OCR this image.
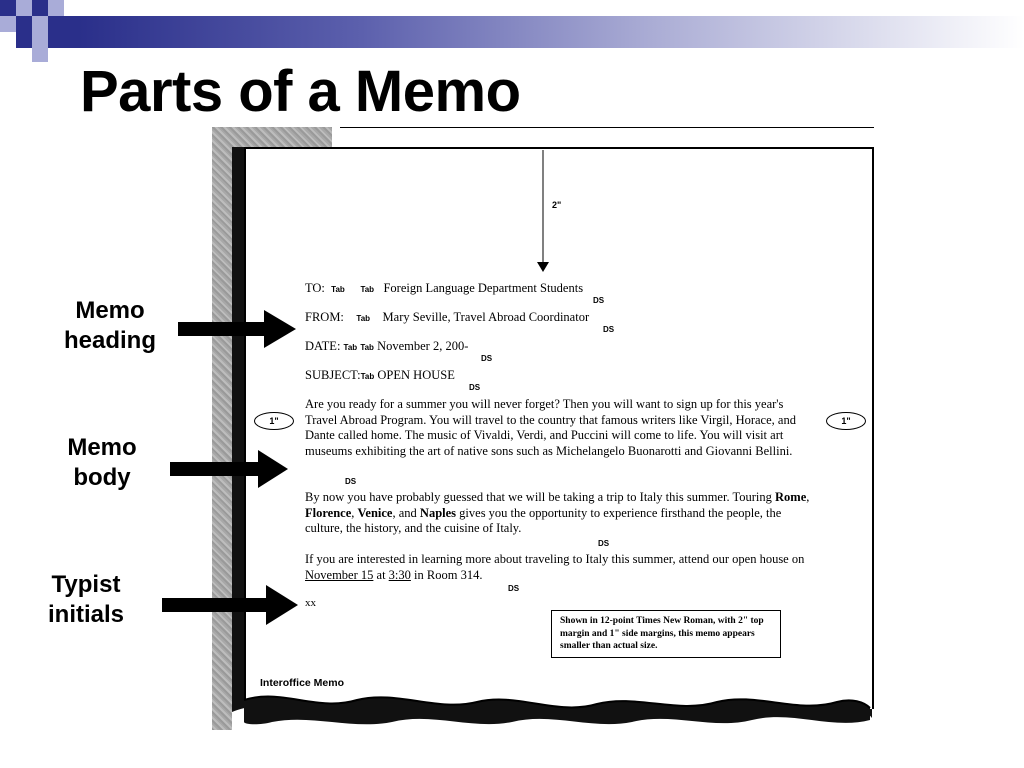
Parts of a Memo
2"
TO: Tab Tab Foreign Language Department Students
DS
FROM: Tab Mary Seville, Travel Abroad Coordinator
DS
DATE: Tab Tab November 2, 200-
DS
SUBJECT:Tab OPEN HOUSE
DS
Are you ready for a summer you will never forget? Then you will want to sign up for this year's Travel Abroad Program. You will travel to the country that famous writers like Virgil, Horace, and Dante called home. The music of Vivaldi, Verdi, and Puccini will come to life. You will visit art museums exhibiting the art of native sons such as Michelangelo Buonarotti and Giovanni Bellini.
DS
By now you have probably guessed that we will be taking a trip to Italy this summer. Touring Rome, Florence, Venice, and Naples gives you the opportunity to experience firsthand the people, the culture, the history, and the cuisine of Italy.
DS
If you are interested in learning more about traveling to Italy this summer, attend our open house on November 15 at 3:30 in Room 314.
DS
xx
1"	1"
Shown in 12-point Times New Roman, with 2" top margin and 1" side margins, this memo appears smaller than actual size.
Interoffice Memo
Memo
heading
Memo
body
Typist
initials
